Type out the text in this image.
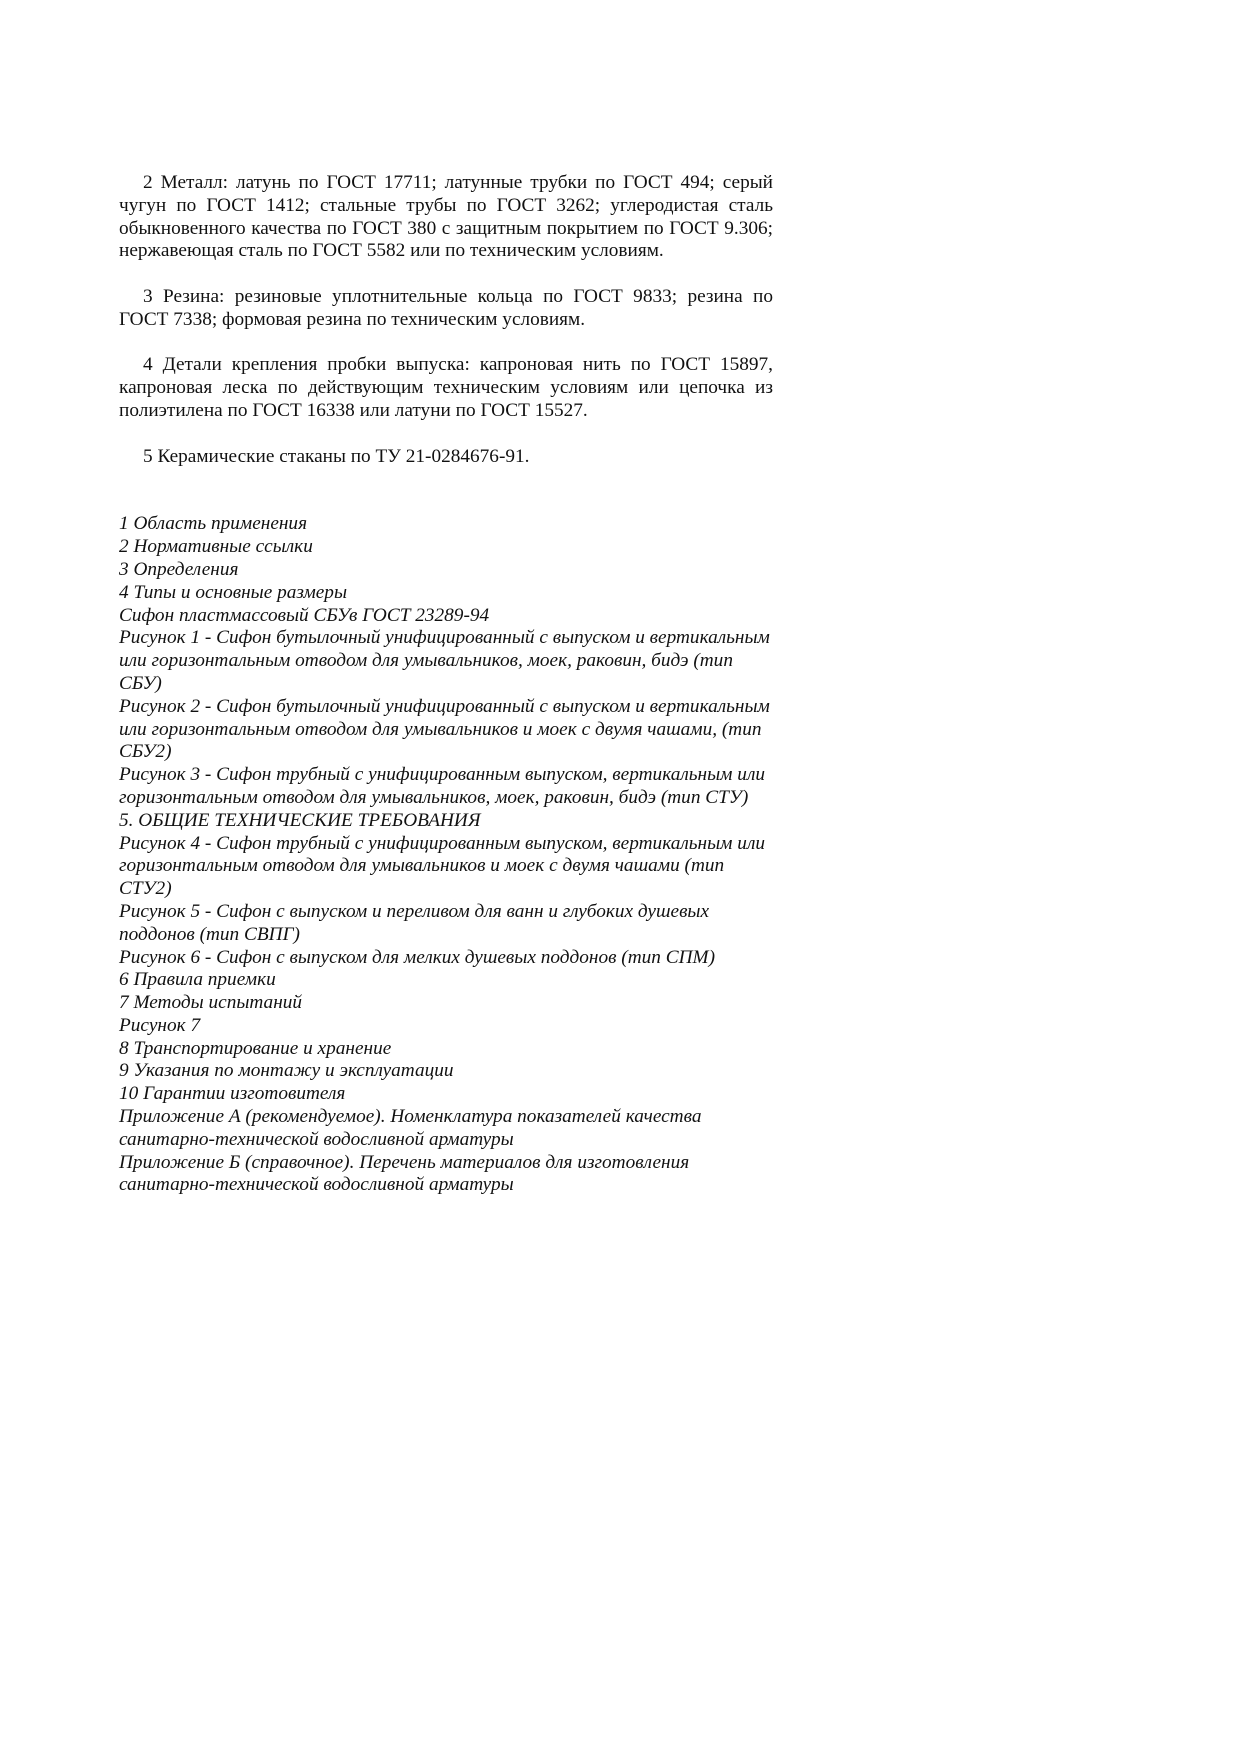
2 Металл: латунь по ГОСТ 17711; латунные трубки по ГОСТ 494; серый чугун по ГОСТ 1412; стальные трубы по ГОСТ 3262; углеродистая сталь обыкновенного качества по ГОСТ 380 с защитным покрытием по ГОСТ 9.306; нержавеющая сталь по ГОСТ 5582 или по техническим условиям.

3 Резина: резиновые уплотнительные кольца по ГОСТ 9833; резина по ГОСТ 7338; формовая резина по техническим условиям.

4 Детали крепления пробки выпуска: капроновая нить по ГОСТ 15897, капроновая леска по действующим техническим условиям или цепочка из полиэтилена по ГОСТ 16338 или латуни по ГОСТ 15527.

5 Керамические стаканы по ТУ 21-0284676-91.

1 Область применения
2 Нормативные ссылки
3 Определения
4 Типы и основные размеры
Сифон пластмассовый СБУв ГОСТ 23289-94
Рисунок 1 - Сифон бутылочный унифицированный с выпуском и вертикальным или горизонтальным отводом для умывальников, моек, раковин, бидэ (тип СБУ)
Рисунок 2 - Сифон бутылочный унифицированный с выпуском и вертикальным или горизонтальным отводом для умывальников и моек с двумя чашами, (тип СБУ2)
Рисунок 3 - Сифон трубный с унифицированным выпуском, вертикальным или горизонтальным отводом для умывальников, моек, раковин, бидэ (тип СТУ)
5. ОБЩИЕ ТЕХНИЧЕСКИЕ ТРЕБОВАНИЯ
Рисунок 4 - Сифон трубный с унифицированным выпуском, вертикальным или горизонтальным отводом для умывальников и моек с двумя чашами (тип СТУ2)
Рисунок 5 - Сифон с выпуском и переливом для ванн и глубоких душевых поддонов (тип СВПГ)
Рисунок 6 - Сифон с выпуском для мелких душевых поддонов (тип СПМ)
6 Правила приемки
7 Методы испытаний
Рисунок 7
8 Транспортирование и хранение
9 Указания по монтажу и эксплуатации
10 Гарантии изготовителя
Приложение А (рекомендуемое). Номенклатура показателей качества санитарно-технической водосливной арматуры
Приложение Б (справочное). Перечень материалов для изготовления санитарно-технической водосливной арматуры
